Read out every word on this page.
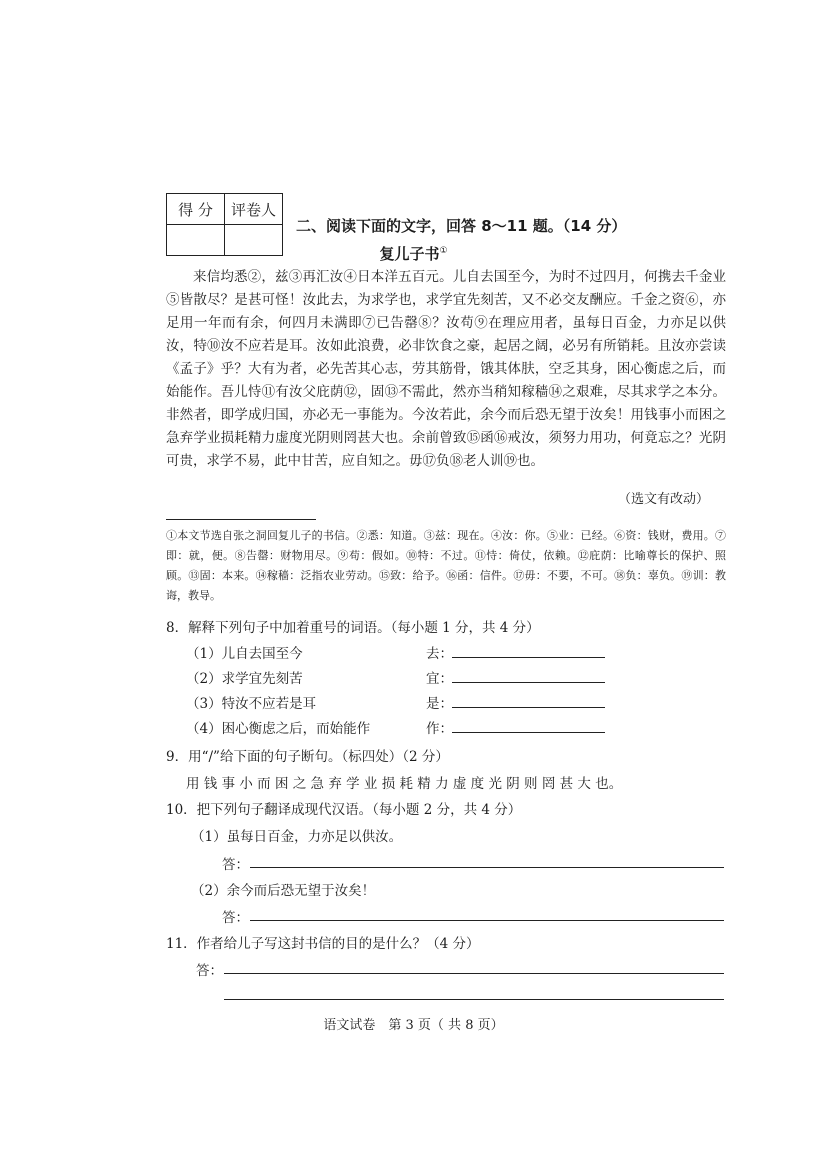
得 分	评卷人

二、阅读下面的文字，回答 8～11 题。（14 分）
复儿子书①

来信均悉②，兹③再汇汝④日本洋五百元。儿自去国至今，为时不过四月，何携去千金业⑤皆散尽？是甚可怪！汝此去，为求学也，求学宜先刻苦，又不必交友酬应。千金之资⑥，亦足用一年而有余，何四月未满即⑦已告罄⑧？汝苟⑨在理应用者，虽每日百金，力亦足以供汝，特⑩汝不应若是耳。汝如此浪费，必非饮食之豪，起居之阔，必另有所销耗。且汝亦尝读《孟子》乎？大有为者，必先苦其心志，劳其筋骨，饿其体肤，空乏其身，困心衡虑之后，而始能作。吾儿恃⑪有汝父庇荫⑫，固⑬不需此，然亦当稍知稼穑⑭之艰难，尽其求学之本分。非然者，即学成归国，亦必无一事能为。今汝若此，余今而后恐无望于汝矣！用钱事小而困之急弃学业损耗精力虚度光阴则罔甚大也。余前曾致⑮函⑯戒汝，须努力用功，何竟忘之？光阴可贵，求学不易，此中甘苦，应自知之。毋⑰负⑱老人训⑲也。

（选文有改动）
①本文节选自张之洞回复儿子的书信。②悉：知道。③兹：现在。④汝：你。⑤业：已经。⑥资：钱财，费用。⑦即：就，便。⑧告罄：财物用尽。⑨苟：假如。⑩特：不过。⑪恃：倚仗，依赖。⑫庇荫：比喻尊长的保护、照顾。⑬固：本来。⑭稼穑：泛指农业劳动。⑮致：给予。⑯函：信件。⑰毋：不要，不可。⑱负：辜负。⑲训：教诲，教导。
8．解释下列句子中加着重号的词语。（每小题 1 分，共 4 分）
（1）儿自去国至今	去：
（2）求学宜先刻苦	宜：
（3）特汝不应若是耳	是：
（4）困心衡虑之后，而始能作	作：
9．用“/”给下面的句子断句。（标四处）（2 分）
用 钱 事 小 而 困 之 急 弃 学 业 损 耗 精 力 虚 度 光 阴 则 罔 甚 大 也。
10．把下列句子翻译成现代汉语。（每小题 2 分，共 4 分）
（1）虽每日百金，力亦足以供汝。
答：
（2）余今而后恐无望于汝矣！
答：
11．作者给儿子写这封书信的目的是什么？（4 分）
答：
语文试卷　第 3 页（ 共 8 页）
